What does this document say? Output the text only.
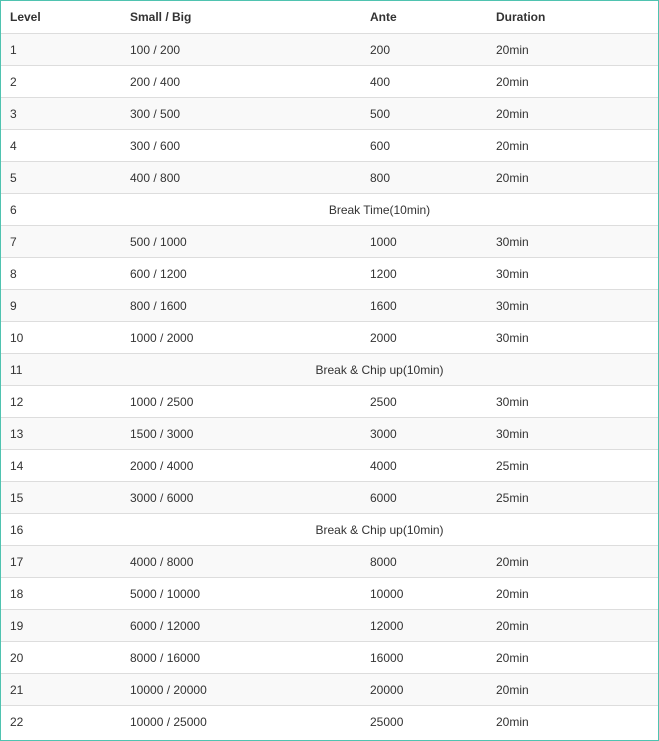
Level	Small / Big	Ante	Duration
1	100 / 200	200	20min
2	200 / 400	400	20min
3	300 / 500	500	20min
4	300 / 600	600	20min
5	400 / 800	800	20min
6	Break Time(10min)		
7	500 / 1000	1000	30min
8	600 / 1200	1200	30min
9	800 / 1600	1600	30min
10	1000 / 2000	2000	30min
11	Break & Chip up(10min)		
12	1000 / 2500	2500	30min
13	1500 / 3000	3000	30min
14	2000 / 4000	4000	25min
15	3000 / 6000	6000	25min
16	Break & Chip up(10min)		
17	4000 / 8000	8000	20min
18	5000 / 10000	10000	20min
19	6000 / 12000	12000	20min
20	8000 / 16000	16000	20min
21	10000 / 20000	20000	20min
22	10000 / 25000	25000	20min
